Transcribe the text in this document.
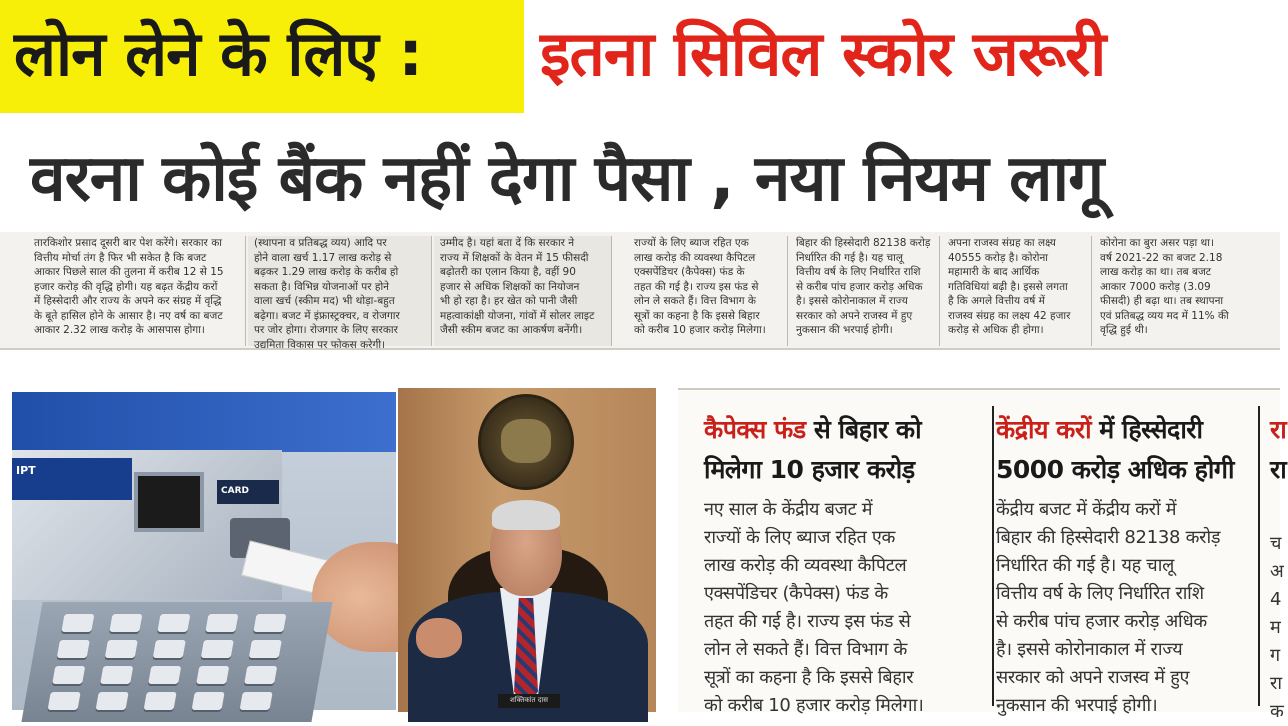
लोन लेने के लिए : इतना सिविल स्कोर जरूरी
वरना कोई बैंक नहीं देगा पैसा , नया नियम लागू
तारकिशोर प्रसाद दूसरी बार पेश करेंगे। सरकार का
वित्तीय मोर्चा तंग है फिर भी सकेत है कि बजट
आकार पिछले साल की तुलना में करीब 12 से 15
हजार करोड़ की वृद्धि होगी। यह बढ़त केंद्रीय करों
में हिस्सेदारी और राज्य के अपने कर संग्रह में वृद्धि
के बूते हासिल होने के आसार है। नए वर्ष का बजट
आकार 2.32 लाख करोड़ के आसपास होगा।
(स्थापना व प्रतिबद्ध व्यय) आदि पर
होने वाला खर्च 1.17 लाख करोड़ से
बढ़कर 1.29 लाख करोड़ के करीब हो
सकता है। विभिन्न योजनाओं पर होने
वाला खर्च (स्कीम मद) भी थोड़ा-बहुत
बढ़ेगा। बजट में इंफ्रास्ट्रक्चर, व रोजगार
पर जोर होगा। रोजगार के लिए सरकार
उद्यमिता विकास पर फोकस करेगी।
उम्मीद है। यहां बता दें कि सरकार ने
राज्य में शिक्षकों के वेतन में 15 फीसदी
बढ़ोतरी का एलान किया है, वहीं 90
हजार से अधिक शिक्षकों का नियोजन
भी हो रहा है। हर खेत को पानी जैसी
महत्वाकांक्षी योजना, गांवों में सोलर लाइट
जैसी स्कीम बजट का आकर्षण बनेंगी।
राज्यों के लिए ब्याज रहित एक
लाख करोड़ की व्यवस्था कैपिटल
एक्सपेंडिचर (कैपेक्स) फंड के
तहत की गई है। राज्य इस फंड से
लोन ले सकते हैं। वित्त विभाग के
सूत्रों का कहना है कि इससे बिहार
को करीब 10 हजार करोड़ मिलेगा।
बिहार की हिस्सेदारी 82138 करोड़
निर्धारित की गई है। यह चालू
वित्तीय वर्ष के लिए निर्धारित राशि
से करीब पांच हजार करोड़ अधिक
है। इससे कोरोनाकाल में राज्य
सरकार को अपने राजस्व में हुए
नुकसान की भरपाई होगी।
अपना राजस्व संग्रह का लक्ष्य
40555 करोड़ है। कोरोना
महामारी के बाद आर्थिक
गतिविधियां बढ़ी है। इससे लगता
है कि अगले वित्तीय वर्ष में
राजस्व संग्रह का लक्ष्य 42 हजार
करोड़ से अधिक ही होगा।
कोरोना का बुरा असर पड़ा था।
वर्ष 2021-22 का बजट 2.18
लाख करोड़ का था। तब बजट
आकार 7000 करोड़ (3.09
फीसदी) ही बढ़ा था। तब स्थापना
एवं प्रतिबद्ध व्यय मद में 11% की
वृद्धि हुई थी।
IPT
CARD
शक्तिकांत दास
कैपेक्स फंड से बिहार को
मिलेगा 10 हजार करोड़
नए साल के केंद्रीय बजट में
राज्यों के लिए ब्याज रहित एक
लाख करोड़ की व्यवस्था कैपिटल
एक्सपेंडिचर (कैपेक्स) फंड के
तहत की गई है। राज्य इस फंड से
लोन ले सकते हैं। वित्त विभाग के
सूत्रों का कहना है कि इससे बिहार
को करीब 10 हजार करोड़ मिलेगा।
केंद्रीय करों में हिस्सेदारी
5000 करोड़ अधिक होगी
केंद्रीय बजट में केंद्रीय करों में
बिहार की हिस्सेदारी 82138 करोड़
निर्धारित की गई है। यह चालू
वित्तीय वर्ष के लिए निर्धारित राशि
से करीब पांच हजार करोड़ अधिक
है। इससे कोरोनाकाल में राज्य
सरकार को अपने राजस्व में हुए
नुकसान की भरपाई होगी।
रा
रा
च
अ
4
म
ग
रा
क
